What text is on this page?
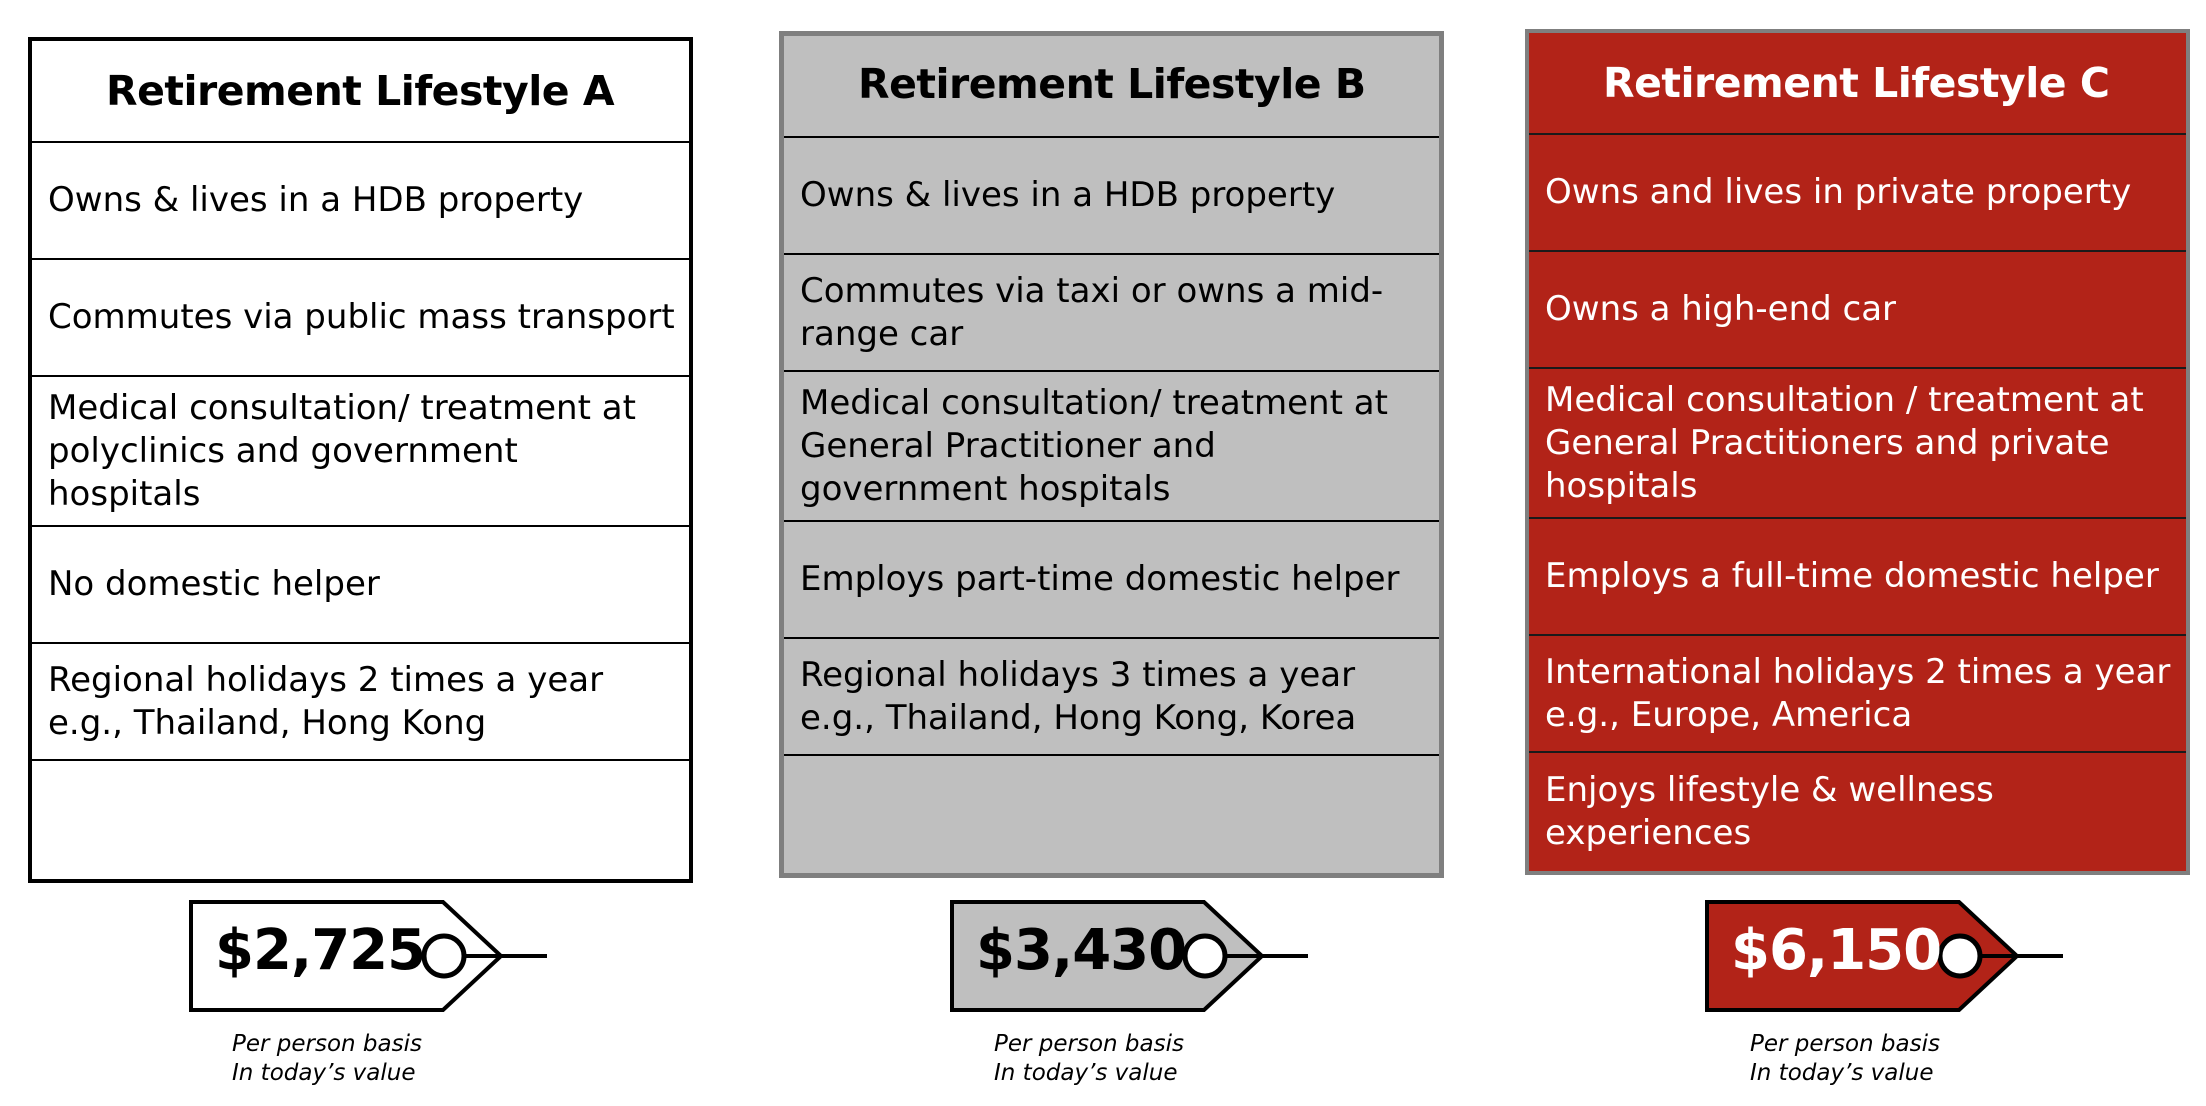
Retirement Lifestyle A
Owns & lives in a HDB property
Commutes via public mass transport
Medical consultation/ treatment at polyclinics and government hospitals
No domestic helper
Regional holidays 2 times a year e.g., Thailand, Hong Kong
Retirement Lifestyle B
Owns & lives in a HDB property
Commutes via taxi or owns a mid-range car
Medical consultation/ treatment at General Practitioner and government hospitals
Employs part-time domestic helper
Regional holidays 3 times a year e.g., Thailand, Hong Kong, Korea
Retirement Lifestyle C
Owns and lives in private property
Owns a high-end car
Medical consultation / treatment at General Practitioners and private hospitals
Employs a full-time domestic helper
International holidays 2 times a year e.g., Europe, America
Enjoys lifestyle & wellness experiences
$2,725	$3,430	$6,150
Per person basis
In today’s value
Per person basis
In today’s value
Per person basis
In today’s value
